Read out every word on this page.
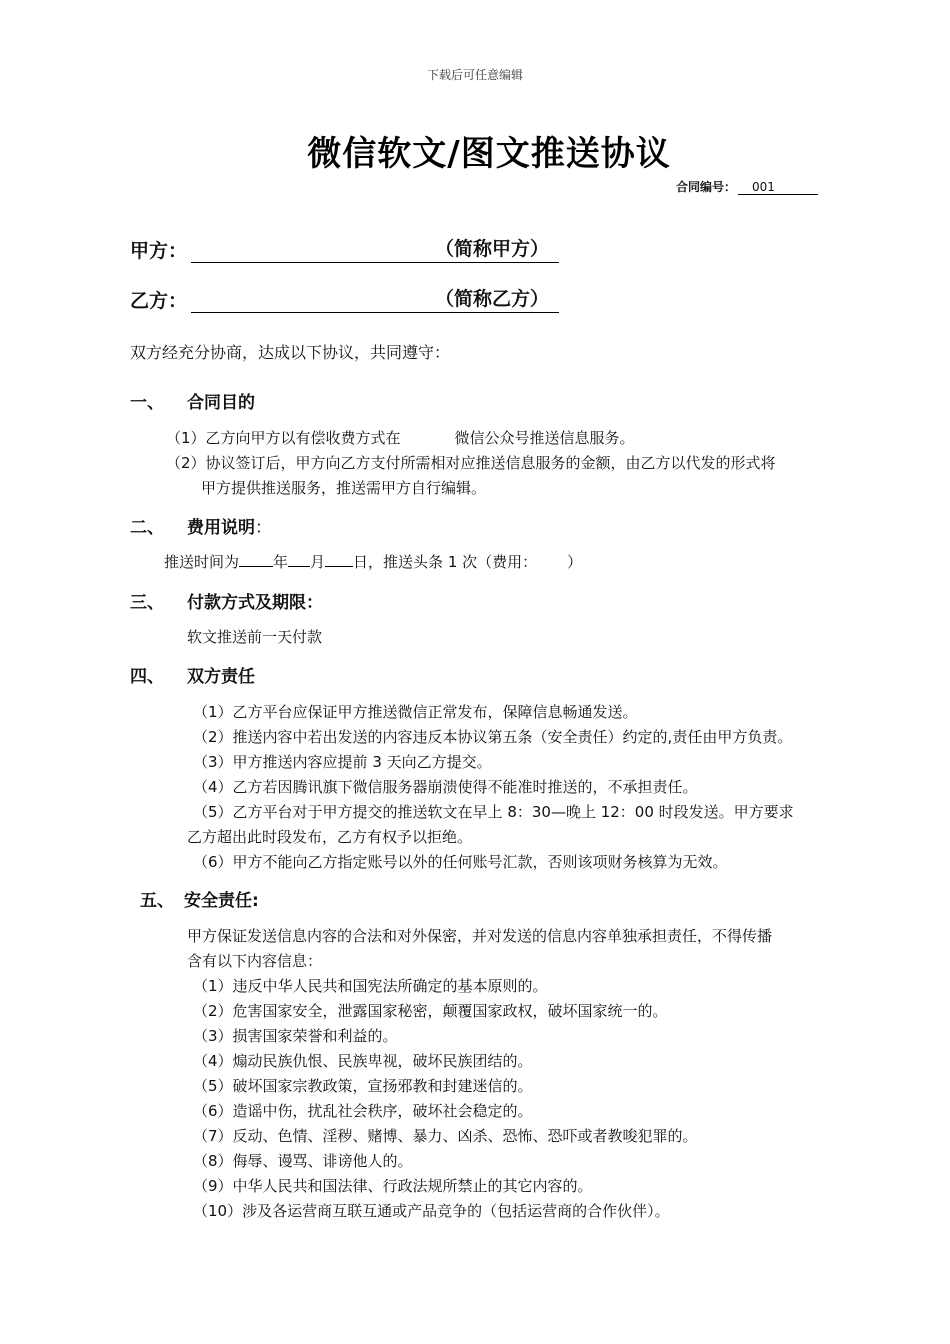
下载后可任意编辑
微信软文/图文推送协议
合同编号： 001
甲方：	（简称甲方）
乙方：	（简称乙方）
双方经充分协商，达成以下协议，共同遵守：
一、 合同目的
（1）乙方向甲方以有偿收费方式在	微信公众号推送信息服务。
（2）协议签订后，甲方向乙方支付所需相对应推送信息服务的金额，由乙方以代发的形式将
甲方提供推送服务，推送需甲方自行编辑。
二、 费用说明：
推送时间为 年 月 日，推送头条 1 次（费用： ）
三、 付款方式及期限：
软文推送前一天付款
四、 双方责任
（1）乙方平台应保证甲方推送微信正常发布，保障信息畅通发送。
（2）推送内容中若出发送的内容违反本协议第五条（安全责任）约定的,责任由甲方负责。
（3）甲方推送内容应提前 3 天向乙方提交。
（4）乙方若因腾讯旗下微信服务器崩溃使得不能准时推送的，不承担责任。
（5）乙方平台对于甲方提交的推送软文在早上 8：30—晚上 12：00 时段发送。甲方要求
乙方超出此时段发布，乙方有权予以拒绝。
（6）甲方不能向乙方指定账号以外的任何账号汇款，否则该项财务核算为无效。
五、 安全责任:
甲方保证发送信息内容的合法和对外保密，并对发送的信息内容单独承担责任，不得传播
含有以下内容信息：
（1）违反中华人民共和国宪法所确定的基本原则的。
（2）危害国家安全，泄露国家秘密，颠覆国家政权，破坏国家统一的。
（3）损害国家荣誉和利益的。
（4）煽动民族仇恨、民族卑视，破坏民族团结的。
（5）破坏国家宗教政策，宣扬邪教和封建迷信的。
（6）造谣中伤，扰乱社会秩序，破坏社会稳定的。
（7）反动、色情、淫秽、赌博、暴力、凶杀、恐怖、恐吓或者教唆犯罪的。
（8）侮辱、谩骂、诽谤他人的。
（9）中华人民共和国法律、行政法规所禁止的其它内容的。
（10）涉及各运营商互联互通或产品竞争的（包括运营商的合作伙伴）。
